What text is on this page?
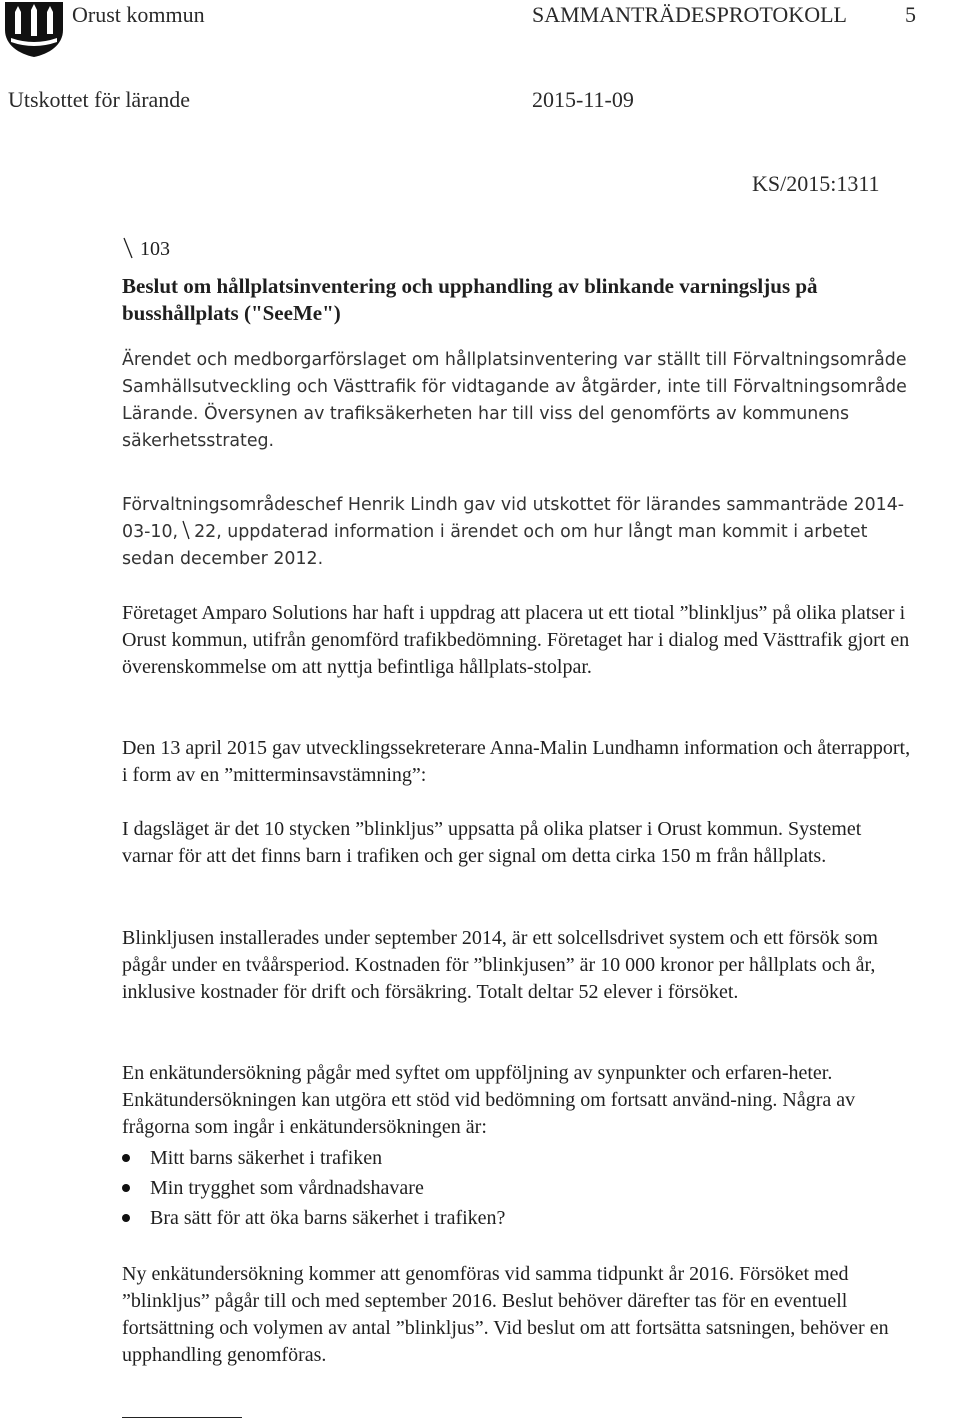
Orust kommun	SAMMANTRÄDESPROTOKOLL	5
Utskottet för lärande	2015-11-09
KS/2015:1311
103
Beslut om hållplatsinventering och upphandling av blinkande varningsljus på busshållplats ("SeeMe")
Ärendet och medborgarförslaget om hållplatsinventering var ställt till Förvaltningsområde Samhällsutveckling och Västtrafik för vidtagande av åtgärder, inte till Förvaltningsområde Lärande. Översynen av trafiksäkerheten har till viss del genomförts av kommunens säkerhetsstrateg.
Förvaltningsområdeschef Henrik Lindh gav vid utskottet för lärandes sammanträde 2014-03-10, 22, uppdaterad information i ärendet och om hur långt man kommit i arbetet sedan december 2012.
Företaget Amparo Solutions har haft i uppdrag att placera ut ett tiotal ”blinkljus” på olika platser i Orust kommun, utifrån genomförd trafikbedömning. Företaget har i dialog med Västtrafik gjort en överenskommelse om att nyttja befintliga hållplats-stolpar.
Den 13 april 2015 gav utvecklingssekreterare Anna-Malin Lundhamn information och återrapport, i form av en ”mitterminsavstämning”:
I dagsläget är det 10 stycken ”blinkljus” uppsatta på olika platser i Orust kommun. Systemet varnar för att det finns barn i trafiken och ger signal om detta cirka 150 m från hållplats.
Blinkljusen installerades under september 2014, är ett solcellsdrivet system och ett försök som pågår under en tvåårsperiod. Kostnaden för ”blinkjusen” är 10 000 kronor per hållplats och år, inklusive kostnader för drift och försäkring. Totalt deltar 52 elever i försöket.
En enkätundersökning pågår med syftet om uppföljning av synpunkter och erfaren-heter. Enkätundersökningen kan utgöra ett stöd vid bedömning om fortsatt använd-ning. Några av frågorna som ingår i enkätundersökningen är:
Mitt barns säkerhet i trafiken
Min trygghet som vårdnadshavare
Bra sätt för att öka barns säkerhet i trafiken?
Ny enkätundersökning kommer att genomföras vid samma tidpunkt år 2016. Försöket med ”blinkljus” pågår till och med september 2016. Beslut behöver därefter tas för en eventuell fortsättning och volymen av antal ”blinkljus”. Vid beslut om att fortsätta satsningen, behöver en upphandling genomföras.
